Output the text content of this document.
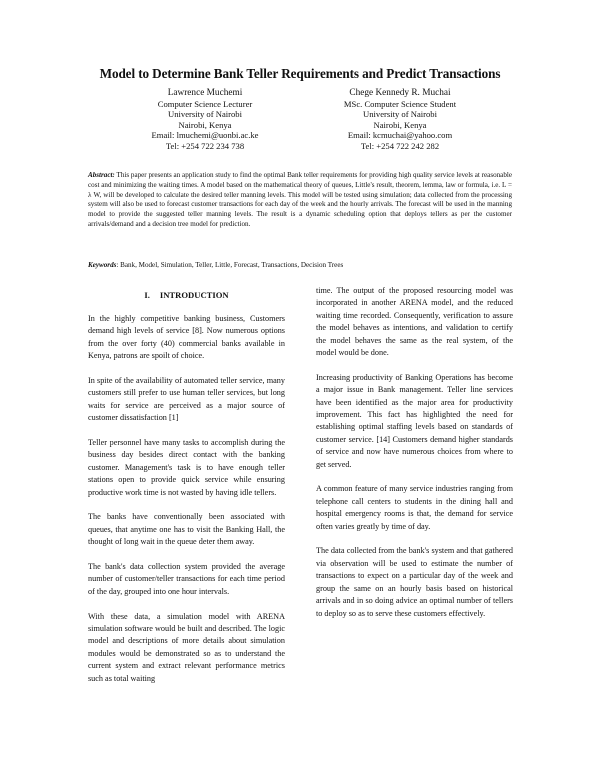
Model to Determine Bank Teller Requirements and Predict Transactions
Lawrence Muchemi
Computer Science Lecturer
University of Nairobi
Nairobi, Kenya
Email: lmuchemi@uonbi.ac.ke
Tel: +254 722 234 738
Chege Kennedy R. Muchai
MSc. Computer Science Student
University of Nairobi
Nairobi, Kenya
Email: kcmuchai@yahoo.com
Tel: +254 722 242 282
Abstract: This paper presents an application study to find the optimal Bank teller requirements for providing high quality service levels at reasonable cost and minimizing the waiting times. A model based on the mathematical theory of queues, Little's result, theorem, lemma, law or formula, i.e. L = λ W, will be developed to calculate the desired teller manning levels. This model will be tested using simulation; data collected from the processing system will also be used to forecast customer transactions for each day of the week and the hourly arrivals. The forecast will be used in the manning model to provide the suggested teller manning levels. The result is a dynamic scheduling option that deploys tellers as per the customer arrivals/demand and a decision tree model for prediction.
Keywords: Bank, Model, Simulation, Teller, Little, Forecast, Transactions, Decision Trees
I. INTRODUCTION

In the highly competitive banking business, Customers demand high levels of service [8]. Now numerous options from the over forty (40) commercial banks available in Kenya, patrons are spoilt of choice.

In spite of the availability of automated teller service, many customers still prefer to use human teller services, but long waits for service are perceived as a major source of customer dissatisfaction [1]

Teller personnel have many tasks to accomplish during the business day besides direct contact with the banking customer. Management's task is to have enough teller stations open to provide quick service while ensuring productive work time is not wasted by having idle tellers.

The banks have conventionally been associated with queues, that anytime one has to visit the Banking Hall, the thought of long wait in the queue deter them away.

The bank's data collection system provided the average number of customer/teller transactions for each time period of the day, grouped into one hour intervals.

With these data, a simulation model with ARENA simulation software would be built and described. The logic model and descriptions of more details about simulation modules would be demonstrated so as to understand the current system and extract relevant performance metrics such as total waiting

time. The output of the proposed resourcing model was incorporated in another ARENA model, and the reduced waiting time recorded. Consequently, verification to assure the model behaves as intentions, and validation to certify the model behaves the same as the real system, of the model would be done.

Increasing productivity of Banking Operations has become a major issue in Bank management. Teller line services have been identified as the major area for productivity improvement. This fact has highlighted the need for establishing optimal staffing levels based on standards of customer service. [14] Customers demand higher standards of service and now have numerous choices from where to get served.

A common feature of many service industries ranging from telephone call centers to students in the dining hall and hospital emergency rooms is that, the demand for service often varies greatly by time of day.

The data collected from the bank's system and that gathered via observation will be used to estimate the number of transactions to expect on a particular day of the week and group the same on an hourly basis based on historical arrivals and in so doing advice an optimal number of tellers to deploy so as to serve these customers effectively.
